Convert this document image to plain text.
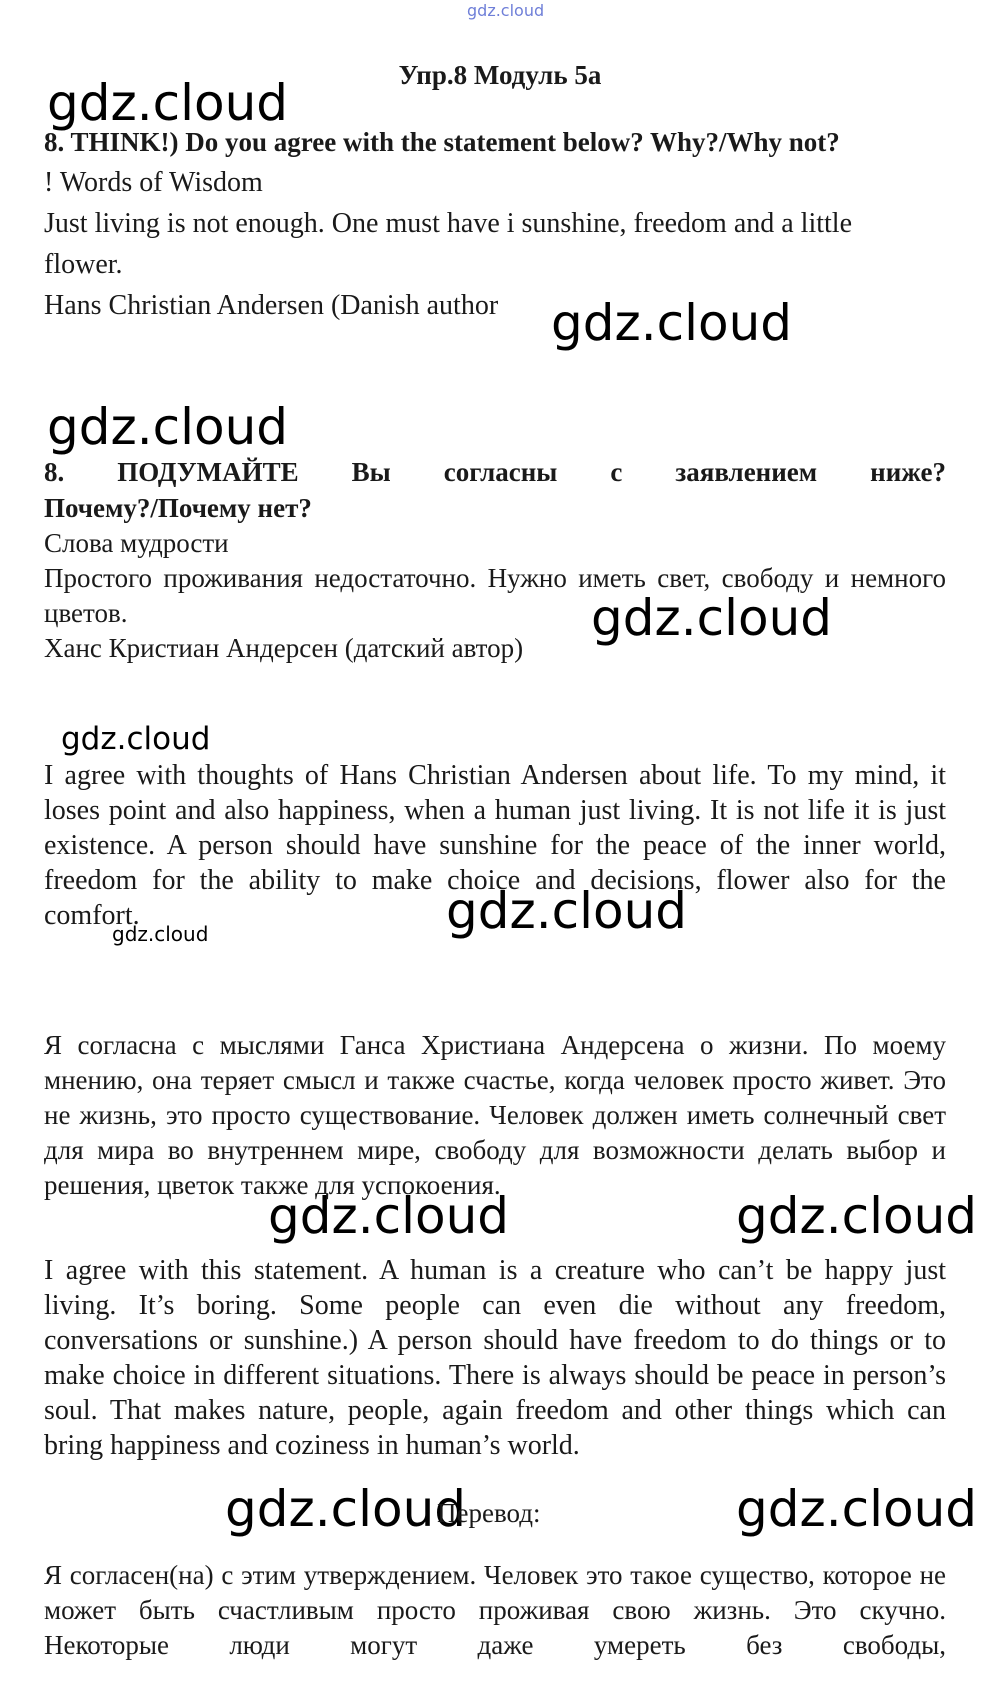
gdz.cloud
gdz.cloud
gdz.cloud
gdz.cloud
gdz.cloud
gdz.cloud
gdz.cloud
gdz.cloud
gdz.cloud	gdz.cloud
gdz.cloud	gdz.cloud
Упр.8 Модуль 5a

8. THINK!) Do you agree with the statement below? Why?/Why not?

! Words of Wisdom

Just living is not enough. One must have i sunshine, freedom and a little flower.

Hans Christian Andersen (Danish author

8. ПОДУМАЙТЕ Вы согласны с заявлением ниже?

Почему?/Почему нет?

Слова мудрости

Простого проживания недостаточно. Нужно иметь свет, свободу и немного цветов.

Ханс Кристиан Андерсен (датский автор)

I agree with thoughts of Hans Christian Andersen about life. To my mind, it loses point and also happiness, when a human just living. It is not life it is just existence. A person should have sunshine for the peace of the inner world, freedom for the ability to make choice and decisions, flower also for the comfort.

Я согласна с мыслями Ганса Христиана Андерсена о жизни. По моему мнению, она теряет смысл и также счастье, когда человек просто живет. Это не жизнь, это просто существование. Человек должен иметь солнечный свет для мира во внутреннем мире, свободу для возможности делать выбор и решения, цветок также для успокоения.

I agree with this statement. A human is a creature who can’t be happy just living. It’s boring. Some people can even die without any freedom, conversations or sunshine.) A person should have freedom to do things or to make choice in different situations. There is always should be peace in person’s soul. That makes nature, people, again freedom and other things which can bring happiness and coziness in human’s world.

Перевод:

Я согласен(на) с этим утверждением. Человек это такое существо, которое не может быть счастливым просто проживая свою жизнь. Это скучно. Некоторые люди могут даже умереть без свободы,
